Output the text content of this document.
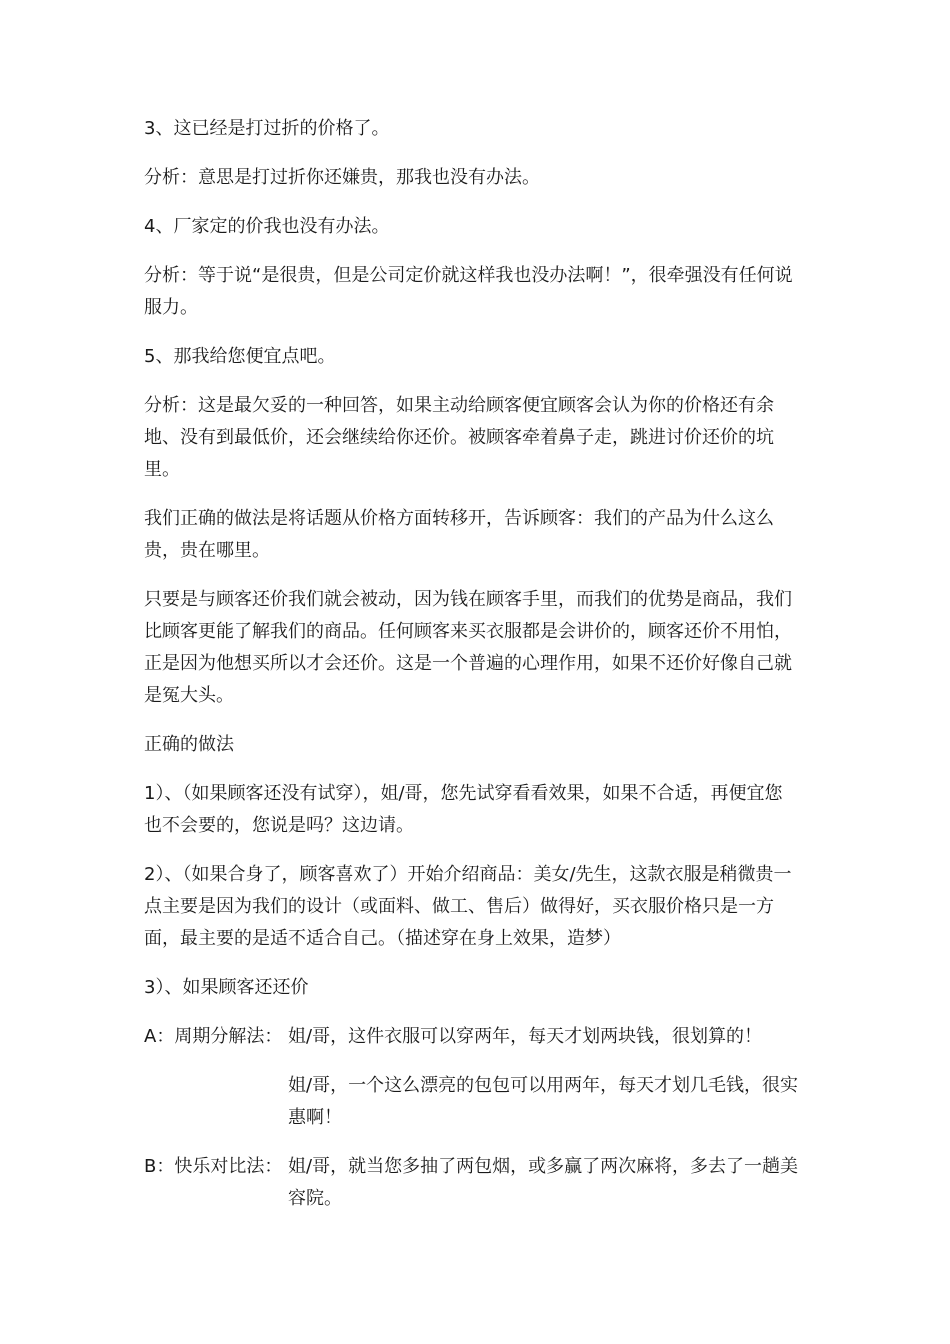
3、这已经是打过折的价格了。

分析：意思是打过折你还嫌贵，那我也没有办法。

4、厂家定的价我也没有办法。

分析：等于说“是很贵，但是公司定价就这样我也没办法啊！”，很牵强没有任何说服力。

5、那我给您便宜点吧。

分析：这是最欠妥的一种回答，如果主动给顾客便宜顾客会认为你的价格还有余地、没有到最低价，还会继续给你还价。被顾客牵着鼻子走，跳进讨价还价的坑里。

我们正确的做法是将话题从价格方面转移开，告诉顾客：我们的产品为什么这么贵，贵在哪里。

只要是与顾客还价我们就会被动，因为钱在顾客手里，而我们的优势是商品，我们比顾客更能了解我们的商品。任何顾客来买衣服都是会讲价的，顾客还价不用怕，正是因为他想买所以才会还价。这是一个普遍的心理作用，如果不还价好像自己就是冤大头。

正确的做法

1）、（如果顾客还没有试穿），姐/哥，您先试穿看看效果，如果不合适，再便宜您也不会要的，您说是吗？这边请。

2）、（如果合身了，顾客喜欢了）开始介绍商品：美女/先生，这款衣服是稍微贵一点主要是因为我们的设计（或面料、做工、售后）做得好，买衣服价格只是一方面，最主要的是适不适合自己。（描述穿在身上效果，造梦）

3）、如果顾客还还价

A：周期分解法： 姐/哥，这件衣服可以穿两年，每天才划两块钱，很划算的！
姐/哥，一个这么漂亮的包包可以用两年，每天才划几毛钱，很实惠啊！
B：快乐对比法： 姐/哥，就当您多抽了两包烟，或多赢了两次麻将，多去了一趟美容院。
